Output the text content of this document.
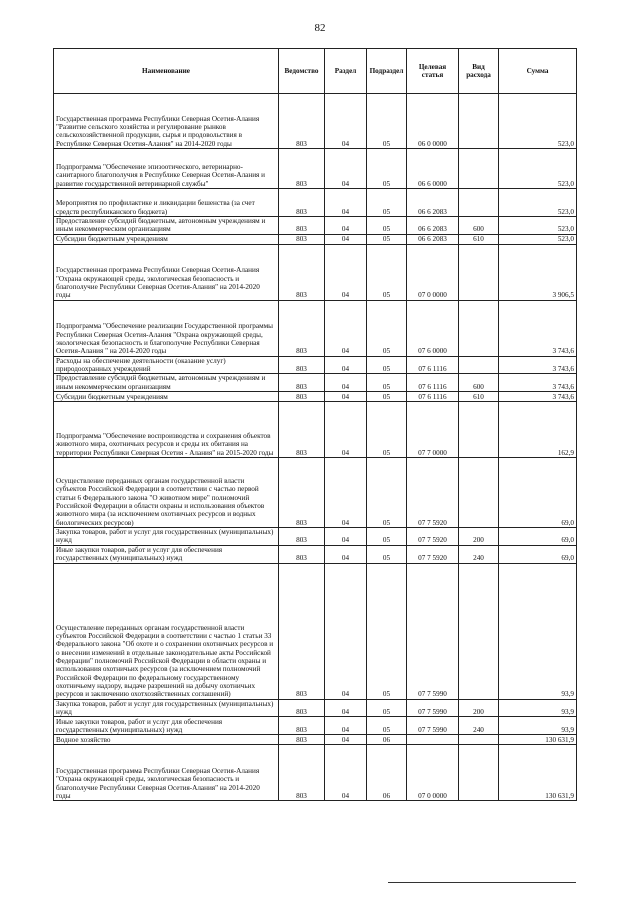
82
Наименование	Ведомство	Раздел	Подраздел	Целевая статья	Вид расхода	Сумма
Государственная программа Республики Северная Осетия-Алания "Развитие сельского хозяйства и регулирование рынков сельскохозяйственной продукции, сырья и продовольствия в Республике Северная Осетия-Алания" на 2014-2020 годы	803	04	05	06 0 0000		523,0
Подпрограмма "Обеспечение эпизоотического, ветеринарно-санитарного благополучия в Республике Северная Осетия-Алания и развитие государственной ветеринарной службы"	803	04	05	06 6 0000		523,0
Мероприятия по профилактике и ликвидации бешенства (за счет средств республиканского бюджета)	803	04	05	06 6 2083		523,0
Предоставление субсидий бюджетным, автономным учреждениям и иным некоммерческим организациям	803	04	05	06 6 2083	600	523,0
Субсидии бюджетным учреждениям	803	04	05	06 6 2083	610	523,0
Государственная программа Республики Северная Осетия-Алания "Охрана окружающей среды, экологическая безопасность и благополучие Республики Северная Осетия-Алания" на 2014-2020 годы	803	04	05	07 0 0000		3 906,5
Подпрограмма "Обеспечение реализации Государственной программы Республики Северная Осетия-Алания "Охрана окружающей среды, экологическая безопасность и благополучие Республики Северная Осетия-Алания " на 2014-2020 годы	803	04	05	07 6 0000		3 743,6
Расходы на обеспечение деятельности (оказание услуг) природоохранных учреждений	803	04	05	07 6 1116		3 743,6
Предоставление субсидий бюджетным, автономным учреждениям и иным некоммерческим организациям	803	04	05	07 6 1116	600	3 743,6
Субсидии бюджетным учреждениям	803	04	05	07 6 1116	610	3 743,6
Подпрограмма "Обеспечение воспроизводства и сохранения объектов животного мира, охотничьих ресурсов и среды их обитания на территории Республики Северная Осетия - Алания" на 2015-2020 годы	803	04	05	07 7 0000		162,9
Осуществление переданных органам государственной власти субъектов Российской Федерации в соответствии с частью первой статьи 6 Федерального закона "О животном мире" полномочий Российской Федерации в области охраны и использования объектов животного мира (за исключением охотничьих ресурсов и водных биологических ресурсов)	803	04	05	07 7 5920		69,0
Закупка товаров, работ и услуг для государственных (муниципальных) нужд	803	04	05	07 7 5920	200	69,0
Иные закупки товаров, работ и услуг для обеспечения государственных (муниципальных) нужд	803	04	05	07 7 5920	240	69,0
Осуществление переданных органам государственной власти субъектов Российской Федерации в соответствии с частью 1 статьи 33 Федерального закона "Об охоте и о сохранении охотничьих ресурсов и о внесении изменений в отдельные законодательные акты Российской Федерации" полномочий Российской Федерации в области охраны и использования охотничьих ресурсов (за исключением полномочий Российской Федерации по федеральному государственному охотничьему надзору, выдаче разрешений на добычу охотничьих ресурсов и заключению охотхозяйственных соглашений)	803	04	05	07 7 5990		93,9
Закупка товаров, работ и услуг для государственных (муниципальных) нужд	803	04	05	07 7 5990	200	93,9
Иные закупки товаров, работ и услуг для обеспечения государственных (муниципальных) нужд	803	04	05	07 7 5990	240	93,9
Водное хозяйство	803	04	06			130 631,9
Государственная программа Республики Северная Осетия-Алания "Охрана окружающей среды, экологическая безопасность и благополучие Республики Северная Осетия-Алания" на 2014-2020 годы	803	04	06	07 0 0000		130 631,9
